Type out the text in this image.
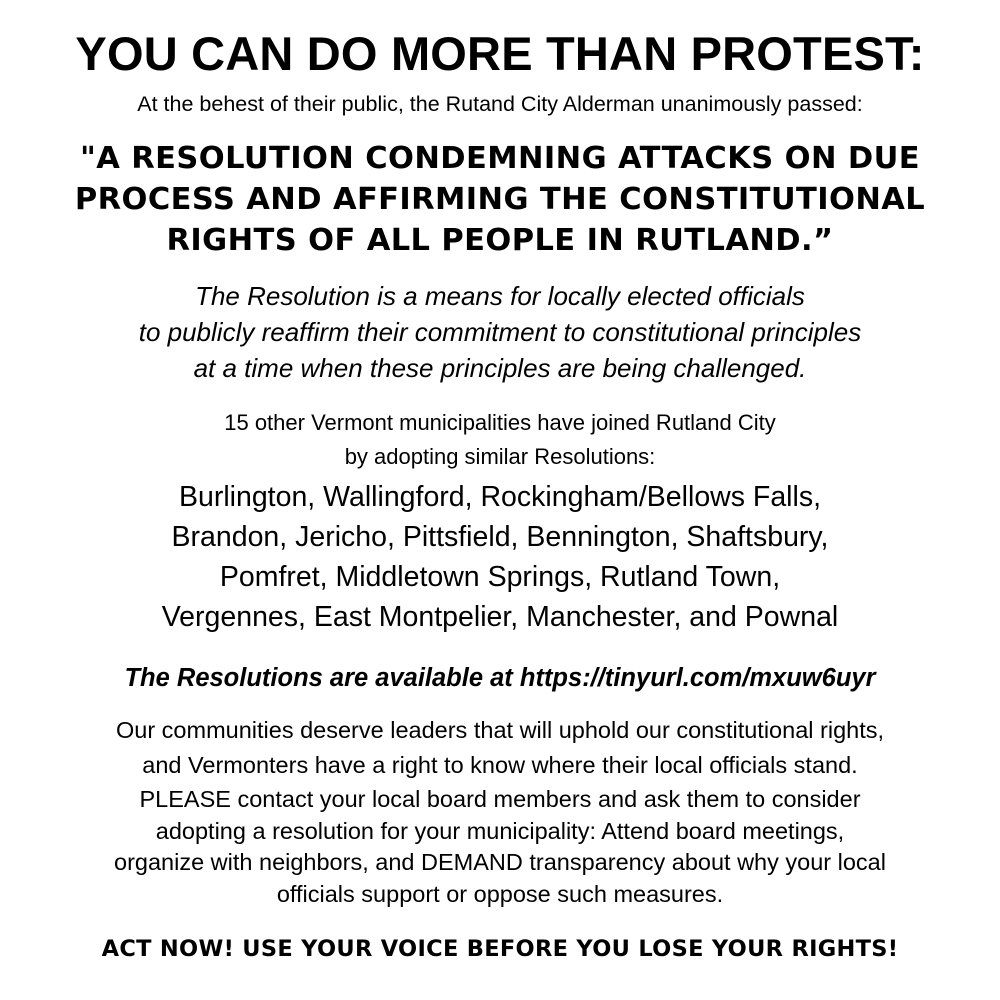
YOU CAN DO MORE THAN PROTEST:
At the behest of their public, the Rutand City Alderman unanimously passed:
"A RESOLUTION CONDEMNING ATTACKS ON DUE
PROCESS AND AFFIRMING THE CONSTITUTIONAL
RIGHTS OF ALL PEOPLE IN RUTLAND.”
The Resolution is a means for locally elected officials
to publicly reaffirm their commitment to constitutional principles
at a time when these principles are being challenged.
15 other Vermont municipalities have joined Rutland City
by adopting similar Resolutions:
Burlington, Wallingford, Rockingham/Bellows Falls,
Brandon, Jericho, Pittsfield, Bennington, Shaftsbury,
Pomfret, Middletown Springs, Rutland Town,
Vergennes, East Montpelier, Manchester, and Pownal
The Resolutions are available at https://tinyurl.com/mxuw6uyr
Our communities deserve leaders that will uphold our constitutional rights,
and Vermonters have a right to know where their local officials stand.
PLEASE contact your local board members and ask them to consider
adopting a resolution for your municipality: Attend board meetings,
organize with neighbors, and DEMAND transparency about why your local
officials support or oppose such measures.
ACT NOW! USE YOUR VOICE BEFORE YOU LOSE YOUR RIGHTS!
